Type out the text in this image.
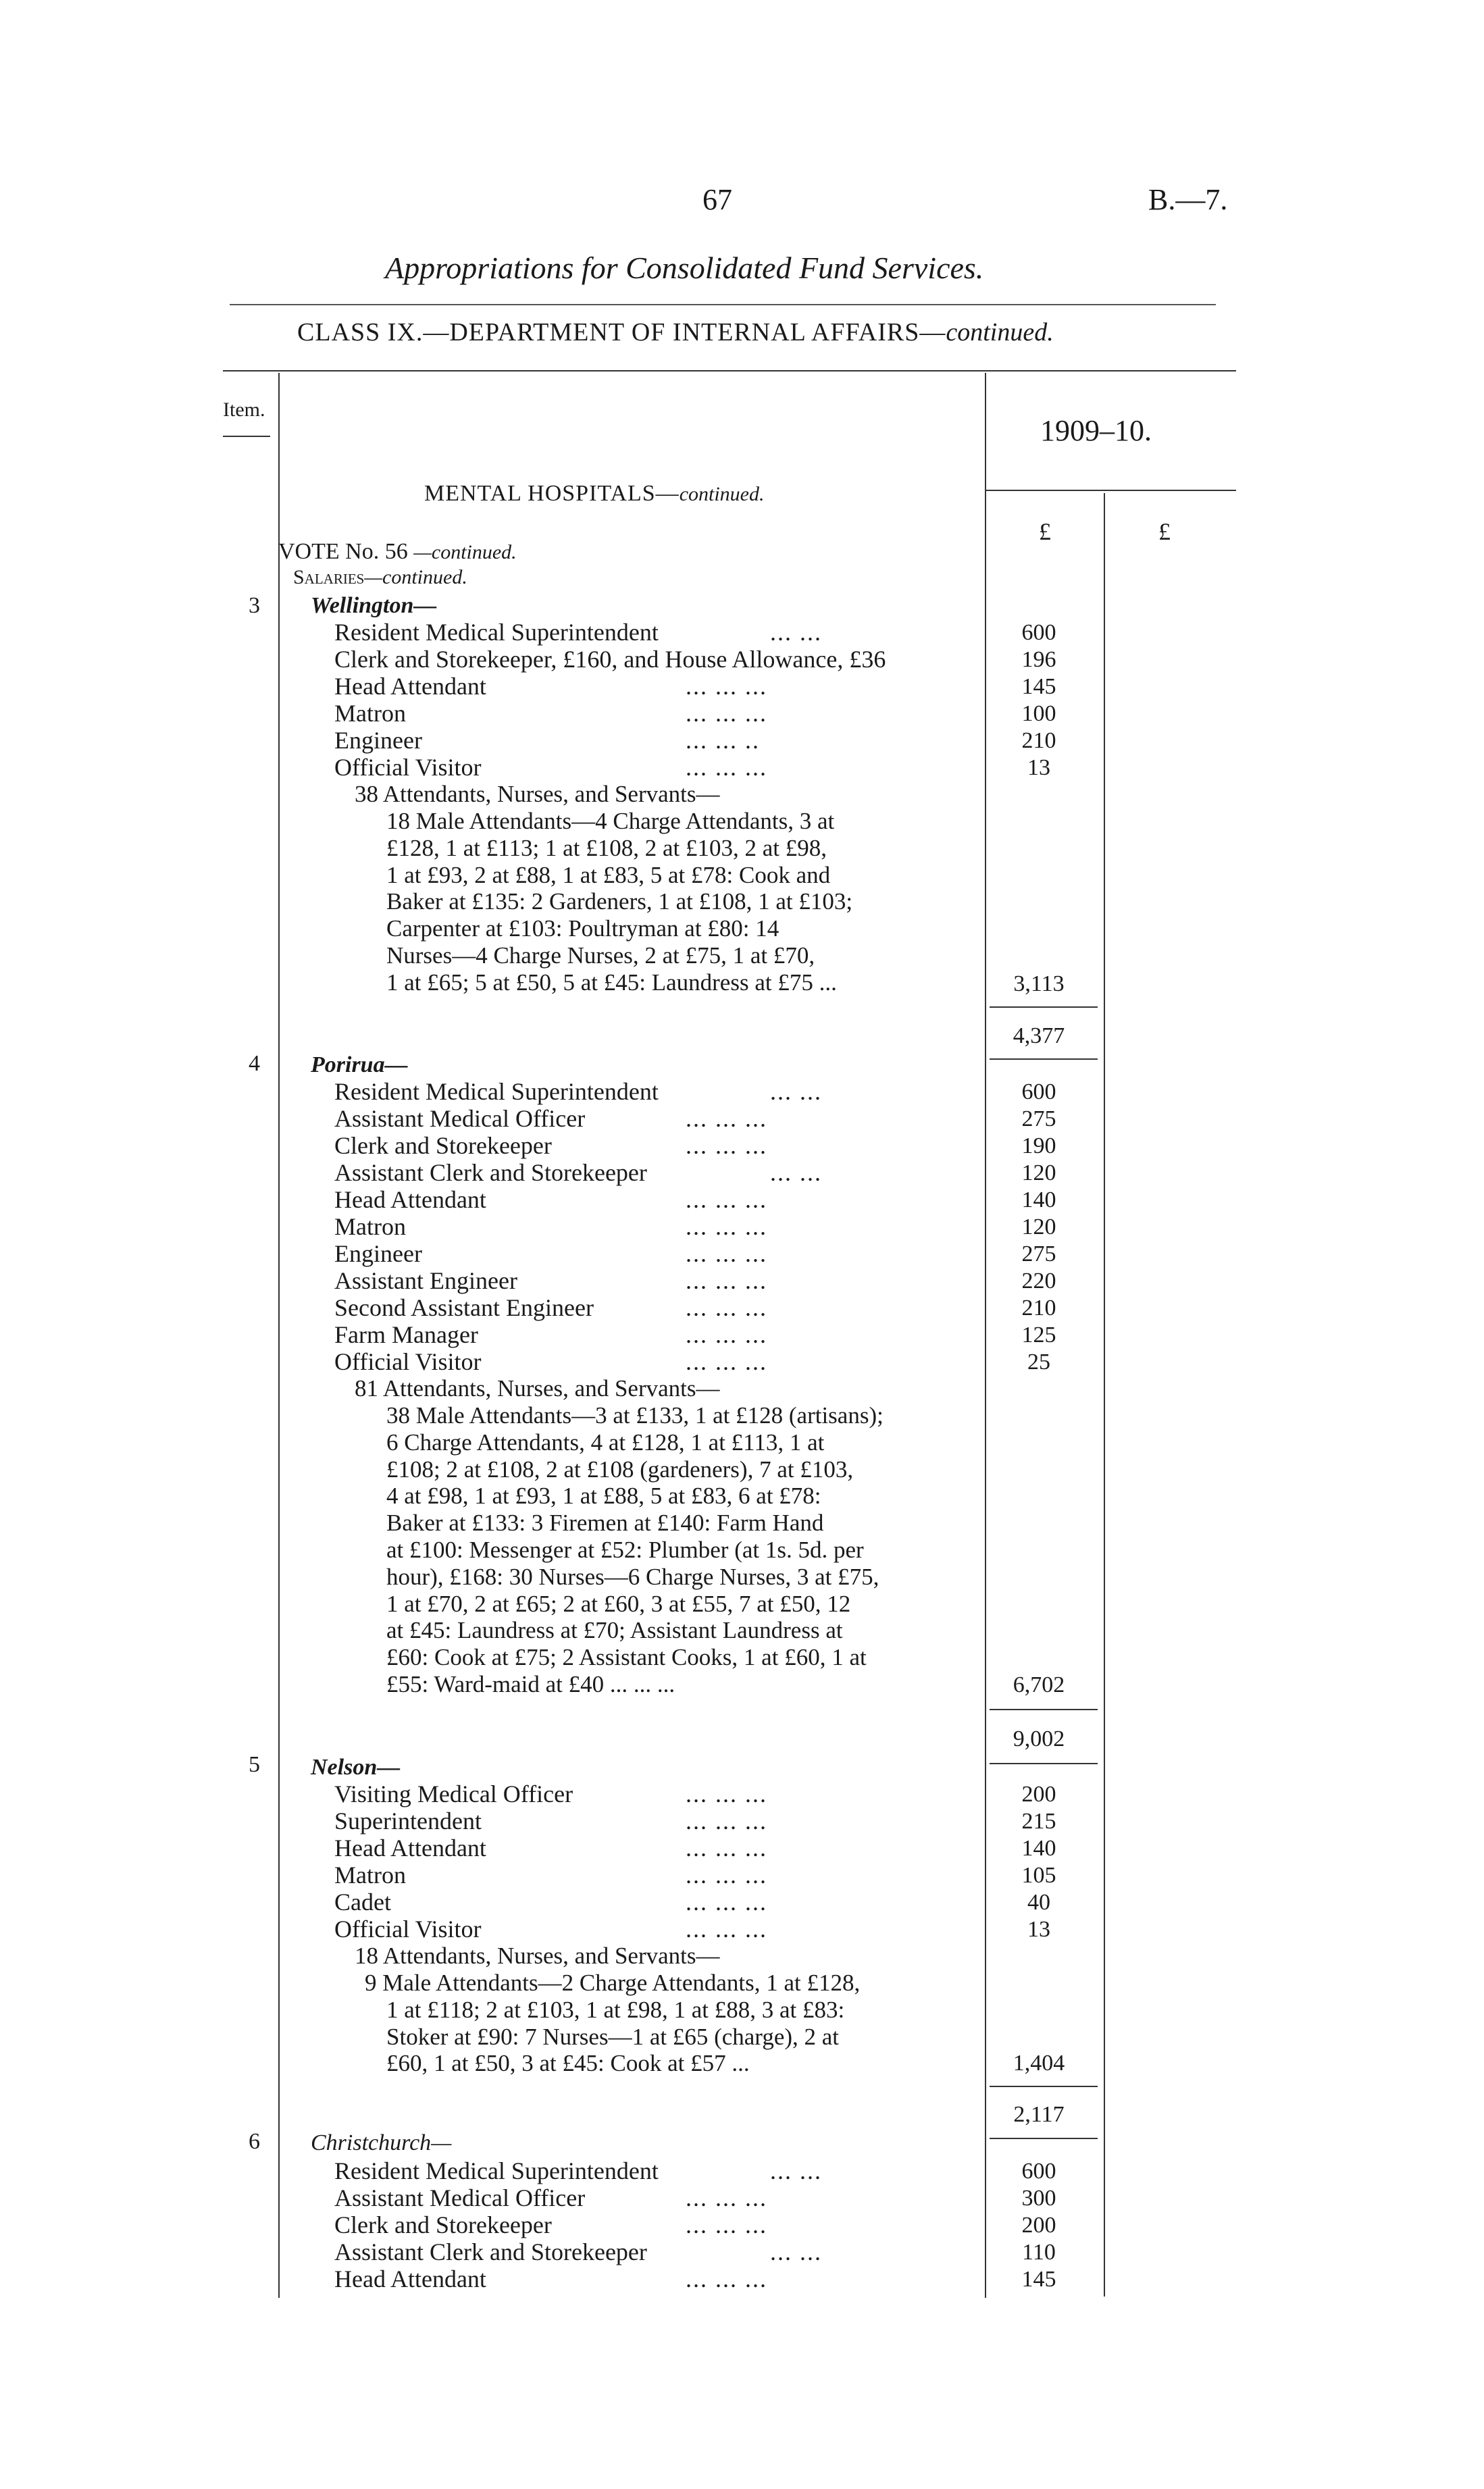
67	B.—7.
Appropriations for Consolidated Fund Services.
CLASS IX.—DEPARTMENT OF INTERNAL AFFAIRS—continued.
Item.
1909–10.
£	£
MENTAL HOSPITALS—continued.
VOTE No. 56 —continued.
Salaries—continued.
3 Wellington—
Resident Medical Superintendent	... ...	600
Clerk and Storekeeper, £160, and House Allowance, £36	196
Head Attendant	... ... ...	145
Matron	... ... ...	100
Engineer	... ... ..	210
Official Visitor	... ... ...	13
38 Attendants, Nurses, and Servants—
18 Male Attendants—4 Charge Attendants, 3 at
£128, 1 at £113; 1 at £108, 2 at £103, 2 at £98,
1 at £93, 2 at £88, 1 at £83, 5 at £78: Cook and
Baker at £135: 2 Gardeners, 1 at £108, 1 at £103;
Carpenter at £103: Poultryman at £80: 14
Nurses—4 Charge Nurses, 2 at £75, 1 at £70,
1 at £65; 5 at £50, 5 at £45: Laundress at £75 ...	3,113
4,377
4 Porirua—
Resident Medical Superintendent	... ...	600
Assistant Medical Officer	... ... ...	275
Clerk and Storekeeper	... ... ...	190
Assistant Clerk and Storekeeper	... ...	120
Head Attendant	... ... ...	140
Matron	... ... ...	120
Engineer	... ... ...	275
Assistant Engineer	... ... ...	220
Second Assistant Engineer	... ... ...	210
Farm Manager	... ... ...	125
Official Visitor	... ... ...	25
81 Attendants, Nurses, and Servants—
38 Male Attendants—3 at £133, 1 at £128 (artisans);
6 Charge Attendants, 4 at £128, 1 at £113, 1 at
£108; 2 at £108, 2 at £108 (gardeners), 7 at £103,
4 at £98, 1 at £93, 1 at £88, 5 at £83, 6 at £78:
Baker at £133: 3 Firemen at £140: Farm Hand
at £100: Messenger at £52: Plumber (at 1s. 5d. per
hour), £168: 30 Nurses—6 Charge Nurses, 3 at £75,
1 at £70, 2 at £65; 2 at £60, 3 at £55, 7 at £50, 12
at £45: Laundress at £70; Assistant Laundress at
£60: Cook at £75; 2 Assistant Cooks, 1 at £60, 1 at
£55: Ward-maid at £40 ... ... ...	6,702
9,002
5 Nelson—
Visiting Medical Officer	... ... ...	200
Superintendent	... ... ...	215
Head Attendant	... ... ...	140
Matron	... ... ...	105
Cadet	... ... ...	40
Official Visitor	... ... ...	13
18 Attendants, Nurses, and Servants—
9 Male Attendants—2 Charge Attendants, 1 at £128,
1 at £118; 2 at £103, 1 at £98, 1 at £88, 3 at £83:
Stoker at £90: 7 Nurses—1 at £65 (charge), 2 at
£60, 1 at £50, 3 at £45: Cook at £57 ...	1,404
2,117
6 Christchurch—
Resident Medical Superintendent	... ...	600
Assistant Medical Officer	... ... ...	300
Clerk and Storekeeper	... ... ...	200
Assistant Clerk and Storekeeper	... ...	110
Head Attendant	... ... ...	145
